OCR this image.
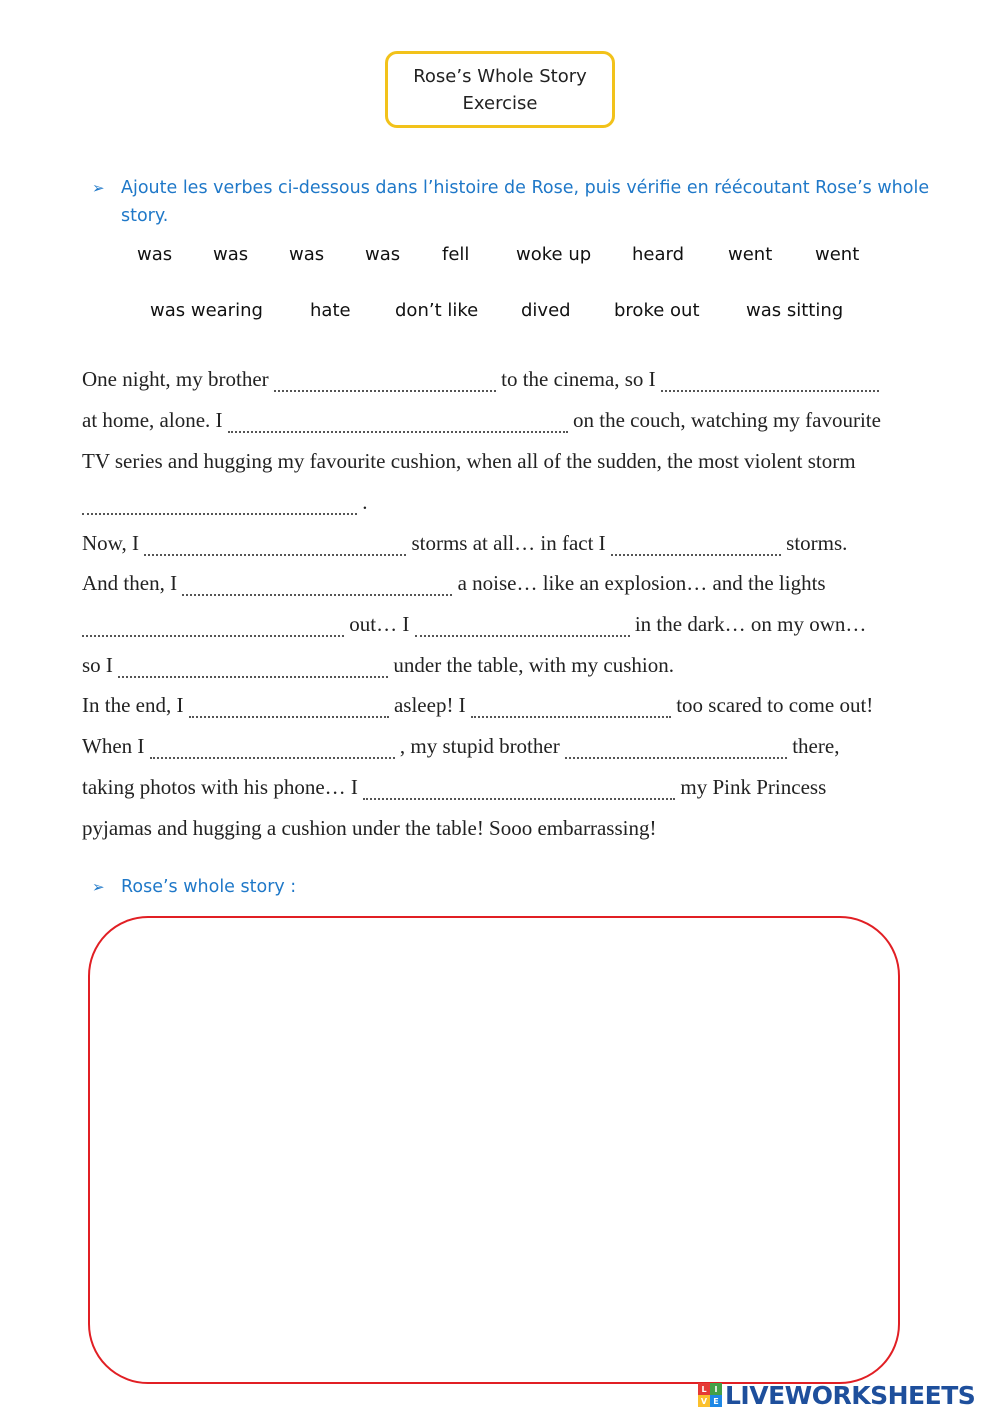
Rose’s Whole Story
Exercise
➢ Ajoute les verbes ci-dessous dans l’histoire de Rose, puis vérifie en réécoutant Rose’s whole story.
was was was was fell	woke up heard went went
was wearing	hate don’t like dived broke out	was sitting
One night, my brother	to the cinema, so I
at home, alone. I	on the couch, watching my favourite
TV series and hugging my favourite cushion, when all of the sudden, the most violent storm
.
Now, I	storms at all… in fact I	storms.
And then, I	a noise… like an explosion… and the lights
out… I	in the dark… on my own…
so I	under the table, with my cushion.
In the end, I	asleep! I	too scared to come out!
When I	, my stupid brother	there,
taking photos with his phone… I	my Pink Princess
pyjamas and hugging a cushion under the table! Sooo embarrassing!
➢ Rose’s whole story :
L I
V E LIVEWORKSHEETS
